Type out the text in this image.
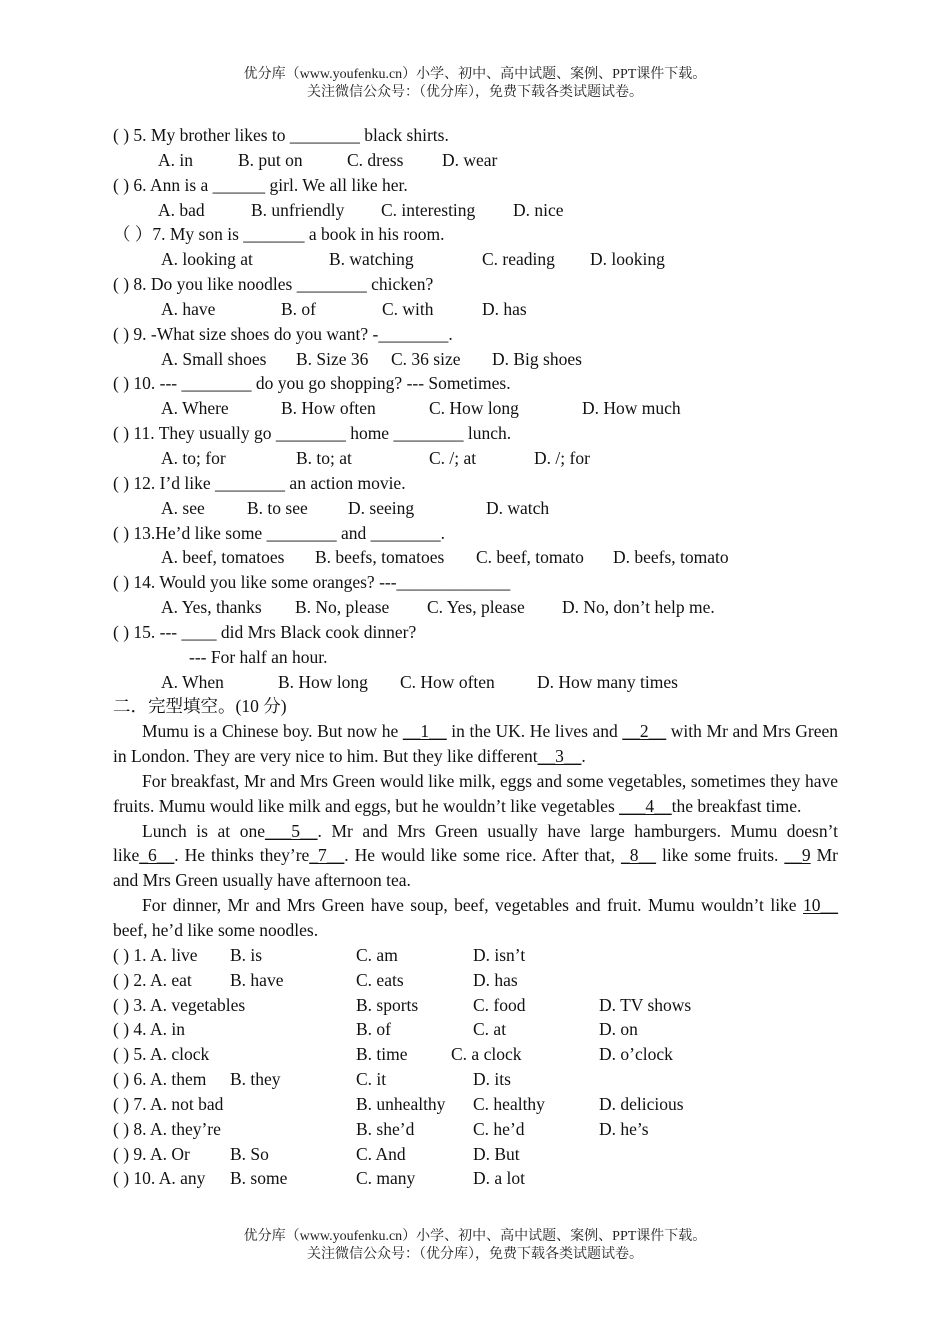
优分库（www.youfenku.cn）小学、初中、高中试题、案例、PPT课件下载。
关注微信公众号：（优分库），免费下载各类试题试卷。
( ) 5. My brother likes to ________ black shirts.
A. in	B. put on	C. dress D. wear
( ) 6. Ann is a ______ girl. We all like her.
A. bad	B. unfriendly C. interesting D. nice
（ ）7. My son is _______ a book in his room.
A. looking at	B. watching	C. reading D. looking
( ) 8. Do you like noodles ________ chicken?
A. have	B. of	C. with	D. has
( ) 9. -What size shoes do you want? -________.
A. Small shoes B. Size 36 C. 36 size D. Big shoes
( ) 10. --- ________ do you go shopping? --- Sometimes.
A. Where	B. How often	C. How long	D. How much
( ) 11. They usually go ________ home ________ lunch.
A. to; for	B. to; at	C. /; at	D. /; for
( ) 12. I’d like ________ an action movie.
A. see B. to see D. seeing	D. watch
( ) 13.He’d like some ________ and ________.
A. beef, tomatoes B. beefs, tomatoes C. beef, tomato D. beefs, tomato
( ) 14. Would you like some oranges? ---_____________
A. Yes, thanks B. No, please C. Yes, please D. No, don’t help me.
( ) 15. --- ____ did Mrs Black cook dinner?
--- For half an hour.
A. When	B. How long C. How often D. How many times
二．完型填空。(10 分)
Mumu is a Chinese boy. But now he __1__ in the UK. He lives and __2__ with Mr and Mrs Green in London. They are very nice to him. But they like different__3__.
For breakfast, Mr and Mrs Green would like milk, eggs and some vegetables, sometimes they have fruits. Mumu would like milk and eggs, but he wouldn’t like vegetables ___4__the breakfast time.
Lunch is at one___5__. Mr and Mrs Green usually have large hamburgers. Mumu doesn’t like_6__. He thinks they’re_7__. He would like some rice. After that, _8__ like some fruits. __9 Mr and Mrs Green usually have afternoon tea.
For dinner, Mr and Mrs Green have soup, beef, vegetables and fruit. Mumu wouldn’t like 10__ beef, he’d like some noodles.
( ) 1. A. live B. is	C. am	D. isn’t
( ) 2. A. eat B. have	C. eats	D. has
( ) 3. A. vegetables	B. sports	C. food	D. TV shows
( ) 4. A. in	B. of	C. at	D. on
( ) 5. A. clock	B. time C. a clock	D. o’clock
( ) 6. A. them B. they	C. it	D. its
( ) 7. A. not bad	B. unhealthy C. healthy	D. delicious
( ) 8. A. they’re	B. she’d	C. he’d	D. he’s
( ) 9. A. Or B. So	C. And	D. But
( ) 10. A. any B. some	C. many	D. a lot
优分库（www.youfenku.cn）小学、初中、高中试题、案例、PPT课件下载。
关注微信公众号：（优分库），免费下载各类试题试卷。
